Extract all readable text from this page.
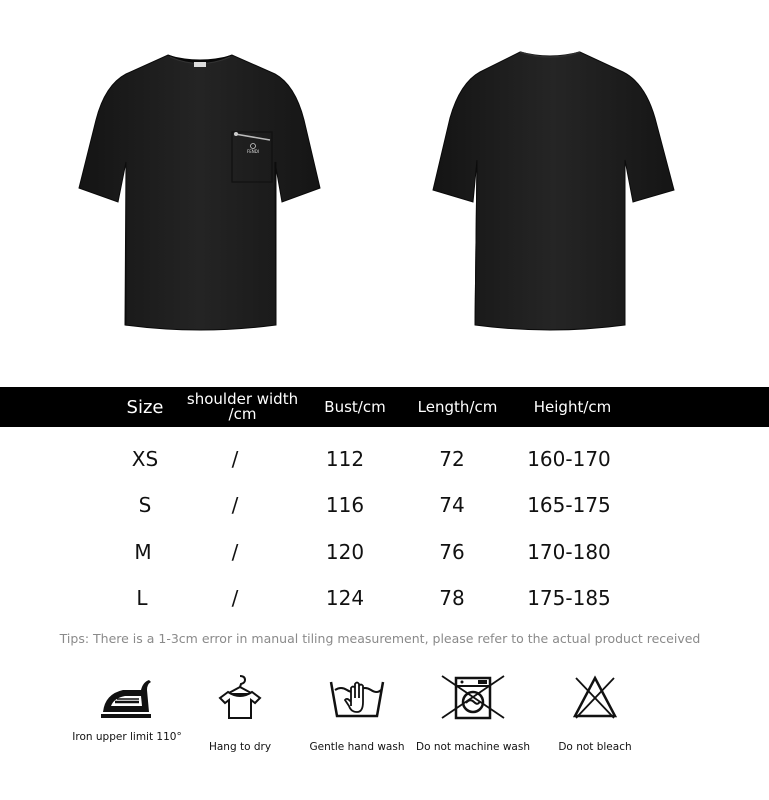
FENDI
Size	shoulder width /cm	Bust/cm	Length/cm	Height/cm
XS	/	112	72	160-170
S	/	116	74	165-175
M	/	120	76	170-180
L	/	124	78	175-185
Tips: There is a 1-3cm error in manual tiling measurement, please refer to the actual product received
Iron upper limit 110°
Hang to dry	Gentle hand wash	Do not machine wash	Do not bleach
